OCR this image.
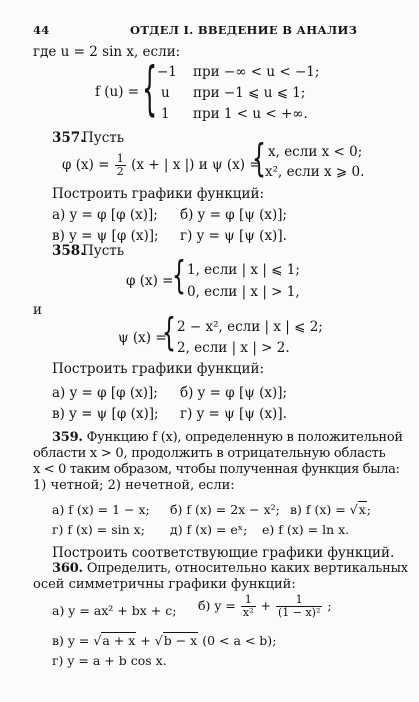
44	ОТДЕЛ I. ВВЕДЕНИЕ В АНАЛИЗ
где u = 2 sin x, если:
f (u) = { −1 при −∞ < u < −1;
u при −1 ⩽ u ⩽ 1;
1 при 1 < u < +∞.
357.
Пусть
φ $(x) = \frac{1}{2} (x$ + | x |) и ψ (x) =
{ x, если x < 0;
x², если x ⩾ 0.
Построить графики функций:
а) y = φ [φ (x)]; б) y = φ [ψ (x)];
в) y = ψ [φ (x)]; г) y = ψ [ψ (x)].
358.
Пусть
φ (x) =
{ 1, если | x | ⩽ 1;
0, если | x | > 1,
и
ψ (x) =
{ 2 − x², если | x | ⩽ 2;
2, если | x | > 2.
Построить графики функций:
а) y = φ [φ (x)]; б) y = φ [ψ (x)];
в) y = ψ [φ (x)]; г) y = ψ [ψ (x)].
359. Функцию f (x), определенную в положительной
области x > 0, продолжить в отрицательную область
x < 0 таким образом, чтобы полученная функция была:
1) четной; 2) нечетной, если:
а) f (x) = 1 − x; б) f (x) = 2x − x²; в) f (x) = √x;
г) f (x) = sin x; д) f (x) = eˣ; е) f (x) = ln x.
Построить соответствующие графики функций.
360. Определить, относительно каких вертикальных
осей симметричны графики функций:
а) y = ax² + bx + c; б) $y = \frac{1}{\text{x²}} + \frac{1}{\text{(1 − x)²}}$ ;
в) y = √a + x + √b − x (0 < a < b);
г) y = a + b cos x.
